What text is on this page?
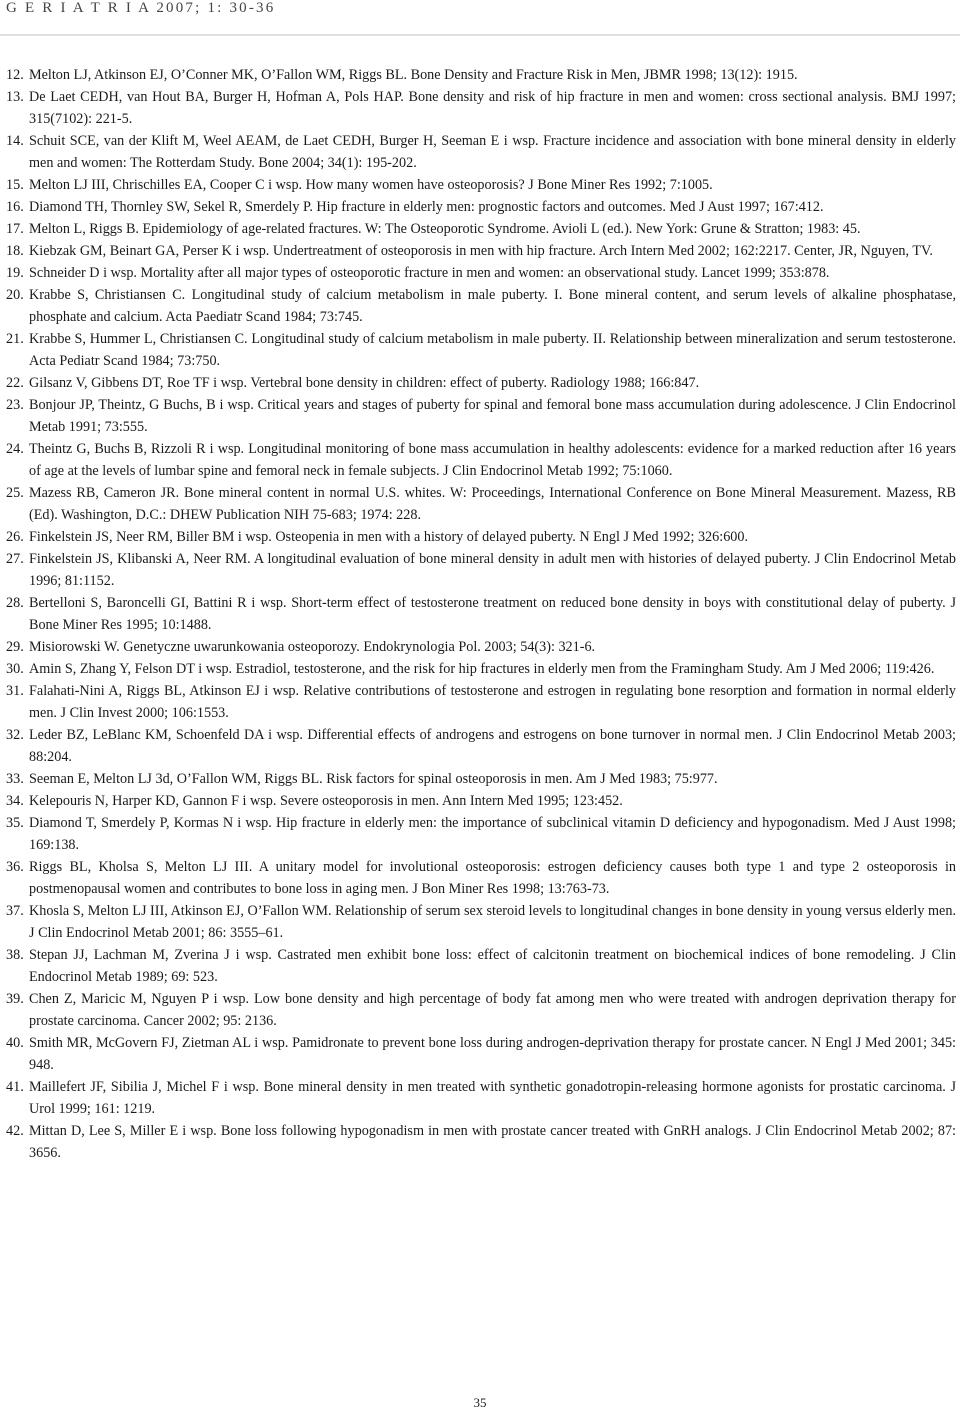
G E R I A T R I A 2007; 1: 30-36
12. Melton LJ, Atkinson EJ, O’Conner MK, O’Fallon WM, Riggs BL. Bone Density and Fracture Risk in Men, JBMR 1998; 13(12): 1915.
13. De Laet CEDH, van Hout BA, Burger H, Hofman A, Pols HAP. Bone density and risk of hip fracture in men and women: cross sectional analysis. BMJ 1997; 315(7102): 221-5.
14. Schuit SCE, van der Klift M, Weel AEAM, de Laet CEDH, Burger H, Seeman E i wsp. Fracture incidence and association with bone mineral density in elderly men and women: The Rotterdam Study. Bone 2004; 34(1): 195-202.
15. Melton LJ III, Chrischilles EA, Cooper C i wsp. How many women have osteoporosis? J Bone Miner Res 1992; 7:1005.
16. Diamond TH, Thornley SW, Sekel R, Smerdely P. Hip fracture in elderly men: prognostic factors and outcomes. Med J Aust 1997; 167:412.
17. Melton L, Riggs B. Epidemiology of age-related fractures. W: The Osteoporotic Syndrome. Avioli L (ed.). New York: Grune & Stratton; 1983: 45.
18. Kiebzak GM, Beinart GA, Perser K i wsp. Undertreatment of osteoporosis in men with hip fracture. Arch Intern Med 2002; 162:2217. Center, JR, Nguyen, TV.
19. Schneider D i wsp. Mortality after all major types of osteoporotic fracture in men and women: an observational study. Lancet 1999; 353:878.
20. Krabbe S, Christiansen C. Longitudinal study of calcium metabolism in male puberty. I. Bone mineral content, and serum levels of alkaline phosphatase, phosphate and calcium. Acta Paediatr Scand 1984; 73:745.
21. Krabbe S, Hummer L, Christiansen C. Longitudinal study of calcium metabolism in male puberty. II. Relationship between mineralization and serum testosterone. Acta Pediatr Scand 1984; 73:750.
22. Gilsanz V, Gibbens DT, Roe TF i wsp. Vertebral bone density in children: effect of puberty. Radiology 1988; 166:847.
23. Bonjour JP, Theintz, G Buchs, B i wsp. Critical years and stages of puberty for spinal and femoral bone mass accumulation during adolescence. J Clin Endocrinol Metab 1991; 73:555.
24. Theintz G, Buchs B, Rizzoli R i wsp. Longitudinal monitoring of bone mass accumulation in healthy adolescents: evidence for a marked reduction after 16 years of age at the levels of lumbar spine and femoral neck in female subjects. J Clin Endocrinol Metab 1992; 75:1060.
25. Mazess RB, Cameron JR. Bone mineral content in normal U.S. whites. W: Proceedings, International Conference on Bone Mineral Measurement. Mazess, RB (Ed). Washington, D.C.: DHEW Publication NIH 75-683; 1974: 228.
26. Finkelstein JS, Neer RM, Biller BM i wsp. Osteopenia in men with a history of delayed puberty. N Engl J Med 1992; 326:600.
27. Finkelstein JS, Klibanski A, Neer RM. A longitudinal evaluation of bone mineral density in adult men with histories of delayed puberty. J Clin Endocrinol Metab 1996; 81:1152.
28. Bertelloni S, Baroncelli GI, Battini R i wsp. Short-term effect of testosterone treatment on reduced bone density in boys with constitutional delay of puberty. J Bone Miner Res 1995; 10:1488.
29. Misiorowski W. Genetyczne uwarunkowania osteoporozy. Endokrynologia Pol. 2003; 54(3): 321-6.
30. Amin S, Zhang Y, Felson DT i wsp. Estradiol, testosterone, and the risk for hip fractures in elderly men from the Framingham Study. Am J Med 2006; 119:426.
31. Falahati-Nini A, Riggs BL, Atkinson EJ i wsp. Relative contributions of testosterone and estrogen in regulating bone resorption and formation in normal elderly men. J Clin Invest 2000; 106:1553.
32. Leder BZ, LeBlanc KM, Schoenfeld DA i wsp. Differential effects of androgens and estrogens on bone turnover in normal men. J Clin Endocrinol Metab 2003; 88:204.
33. Seeman E, Melton LJ 3d, O’Fallon WM, Riggs BL. Risk factors for spinal osteoporosis in men. Am J Med 1983; 75:977.
34. Kelepouris N, Harper KD, Gannon F i wsp. Severe osteoporosis in men. Ann Intern Med 1995; 123:452.
35. Diamond T, Smerdely P, Kormas N i wsp. Hip fracture in elderly men: the importance of subclinical vitamin D deficiency and hypogonadism. Med J Aust 1998; 169:138.
36. Riggs BL, Kholsa S, Melton LJ III. A unitary model for involutional osteoporosis: estrogen deficiency causes both type 1 and type 2 osteoporosis in postmenopausal women and contributes to bone loss in aging men. J Bon Miner Res 1998; 13:763-73.
37. Khosla S, Melton LJ III, Atkinson EJ, O’Fallon WM. Relationship of serum sex steroid levels to longitudinal changes in bone density in young versus elderly men. J Clin Endocrinol Metab 2001; 86: 3555–61.
38. Stepan JJ, Lachman M, Zverina J i wsp. Castrated men exhibit bone loss: effect of calcitonin treatment on biochemical indices of bone remodeling. J Clin Endocrinol Metab 1989; 69: 523.
39. Chen Z, Maricic M, Nguyen P i wsp. Low bone density and high percentage of body fat among men who were treated with androgen deprivation therapy for prostate carcinoma. Cancer 2002; 95: 2136.
40. Smith MR, McGovern FJ, Zietman AL i wsp. Pamidronate to prevent bone loss during androgen-deprivation therapy for prostate cancer. N Engl J Med 2001; 345: 948.
41. Maillefert JF, Sibilia J, Michel F i wsp. Bone mineral density in men treated with synthetic gonadotropin-releasing hormone agonists for prostatic carcinoma. J Urol 1999; 161: 1219.
42. Mittan D, Lee S, Miller E i wsp. Bone loss following hypogonadism in men with prostate cancer treated with GnRH analogs. J Clin Endocrinol Metab 2002; 87: 3656.
35
